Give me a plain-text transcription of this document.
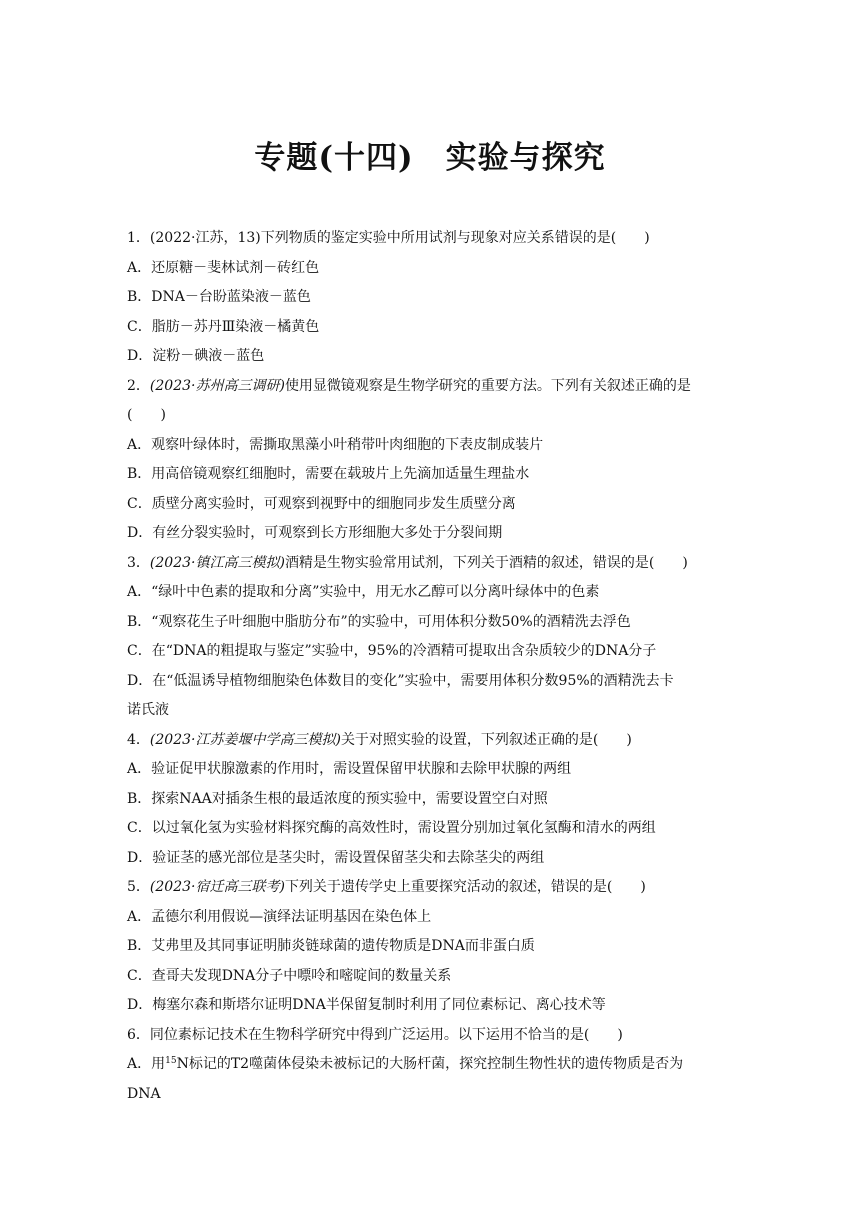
专题(十四)　实验与探究
1．(2022·江苏，13)下列物质的鉴定实验中所用试剂与现象对应关系错误的是(　　)
A．还原糖－斐林试剂－砖红色
B．DNA－台盼蓝染液－蓝色
C．脂肪－苏丹Ⅲ染液－橘黄色
D．淀粉－碘液－蓝色
2．(2023·苏州高三调研)使用显微镜观察是生物学研究的重要方法。下列有关叙述正确的是
(　　)
A．观察叶绿体时，需撕取黑藻小叶稍带叶肉细胞的下表皮制成装片
B．用高倍镜观察红细胞时，需要在载玻片上先滴加适量生理盐水
C．质壁分离实验时，可观察到视野中的细胞同步发生质壁分离
D．有丝分裂实验时，可观察到长方形细胞大多处于分裂间期
3．(2023·镇江高三模拟)酒精是生物实验常用试剂，下列关于酒精的叙述，错误的是(　　)
A．“绿叶中色素的提取和分离”实验中，用无水乙醇可以分离叶绿体中的色素
B．“观察花生子叶细胞中脂肪分布”的实验中，可用体积分数50%的酒精洗去浮色
C．在“DNA的粗提取与鉴定”实验中，95%的冷酒精可提取出含杂质较少的DNA分子
D．在“低温诱导植物细胞染色体数目的变化”实验中，需要用体积分数95%的酒精洗去卡
诺氏液
4．(2023·江苏姜堰中学高三模拟)关于对照实验的设置，下列叙述正确的是(　　)
A．验证促甲状腺激素的作用时，需设置保留甲状腺和去除甲状腺的两组
B．探索NAA对插条生根的最适浓度的预实验中，需要设置空白对照
C．以过氧化氢为实验材料探究酶的高效性时，需设置分别加过氧化氢酶和清水的两组
D．验证茎的感光部位是茎尖时，需设置保留茎尖和去除茎尖的两组
5．(2023·宿迁高三联考)下列关于遗传学史上重要探究活动的叙述，错误的是(　　)
A．孟德尔利用假说—演绎法证明基因在染色体上
B．艾弗里及其同事证明肺炎链球菌的遗传物质是DNA而非蛋白质
C．查哥夫发现DNA分子中嘌呤和嘧啶间的数量关系
D．梅塞尔森和斯塔尔证明DNA半保留复制时利用了同位素标记、离心技术等
6．同位素标记技术在生物科学研究中得到广泛运用。以下运用不恰当的是(　　)
A．用$^{15}$N标记的T2噬菌体侵染未被标记的大肠杆菌，探究控制生物性状的遗传物质是否为
DNA
